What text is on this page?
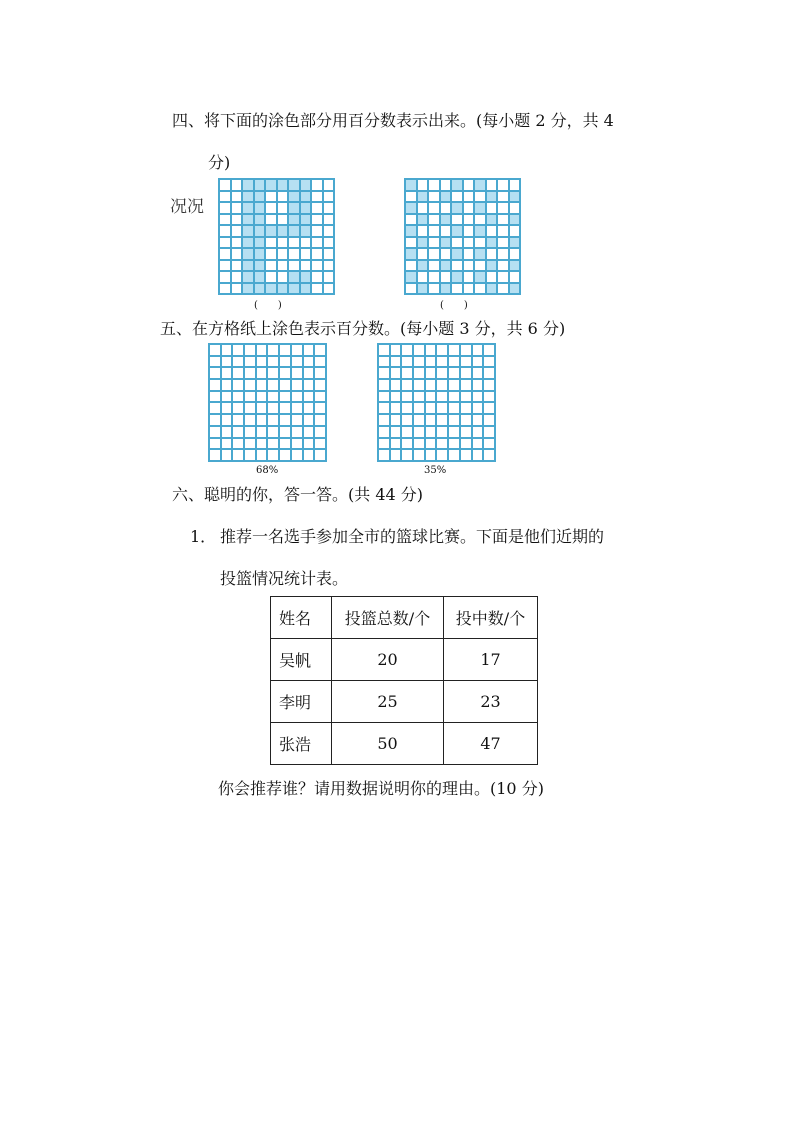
四、将下面的涂色部分用百分数表示出来。(每小题 2 分，共 4
分)
况况
(　　)	(　　)
五、在方格纸上涂色表示百分数。(每小题 3 分，共 6 分)
68%	35%
六、聪明的你，答一答。(共 44 分)
1． 推荐一名选手参加全市的篮球比赛。下面是他们近期的
投篮情况统计表。
姓名	投篮总数/个	投中数/个
吴帆	20	17
李明	25	23
张浩	50	47
你会推荐谁？请用数据说明你的理由。(10 分)
